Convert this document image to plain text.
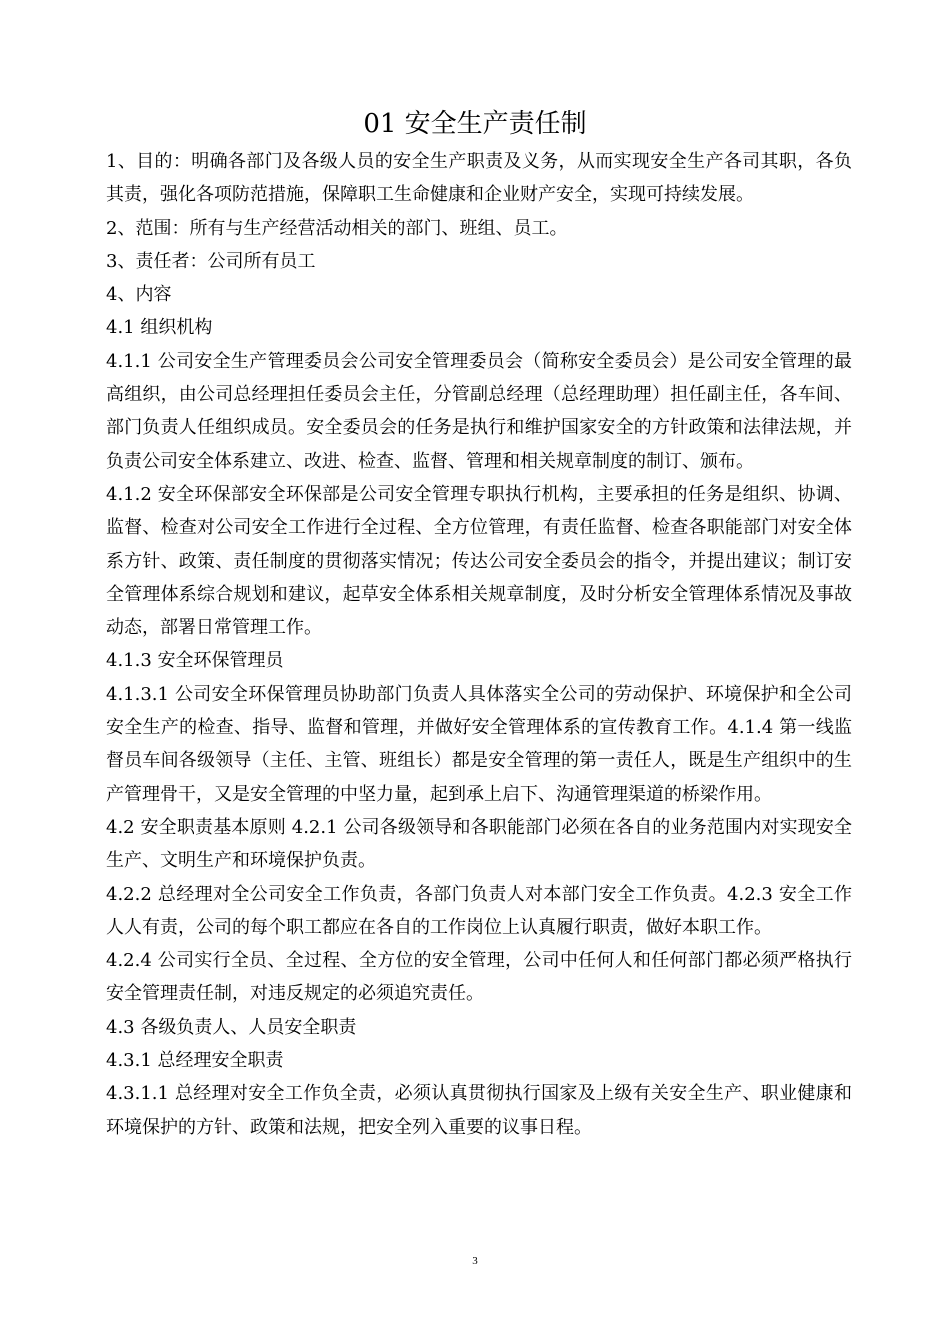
01 安全生产责任制

1、目的：明确各部门及各级人员的安全生产职责及义务，从而实现安全生产各司其职，各负其责，强化各项防范措施，保障职工生命健康和企业财产安全，实现可持续发展。

2、范围：所有与生产经营活动相关的部门、班组、员工。

3、责任者：公司所有员工

4、内容

4.1 组织机构

4.1.1 公司安全生产管理委员会公司安全管理委员会（简称安全委员会）是公司安全管理的最高组织，由公司总经理担任委员会主任，分管副总经理（总经理助理）担任副主任，各车间、部门负责人任组织成员。安全委员会的任务是执行和维护国家安全的方针政策和法律法规，并负责公司安全体系建立、改进、检查、监督、管理和相关规章制度的制订、颁布。

4.1.2 安全环保部安全环保部是公司安全管理专职执行机构，主要承担的任务是组织、协调、监督、检查对公司安全工作进行全过程、全方位管理，有责任监督、检查各职能部门对安全体系方针、政策、责任制度的贯彻落实情况；传达公司安全委员会的指令，并提出建议；制订安全管理体系综合规划和建议，起草安全体系相关规章制度，及时分析安全管理体系情况及事故动态，部署日常管理工作。

4.1.3 安全环保管理员

4.1.3.1 公司安全环保管理员协助部门负责人具体落实全公司的劳动保护、环境保护和全公司安全生产的检查、指导、监督和管理，并做好安全管理体系的宣传教育工作。4.1.4 第一线监督员车间各级领导（主任、主管、班组长）都是安全管理的第一责任人，既是生产组织中的生产管理骨干，又是安全管理的中坚力量，起到承上启下、沟通管理渠道的桥梁作用。

4.2 安全职责基本原则 4.2.1 公司各级领导和各职能部门必须在各自的业务范围内对实现安全生产、文明生产和环境保护负责。

4.2.2 总经理对全公司安全工作负责，各部门负责人对本部门安全工作负责。4.2.3 安全工作人人有责，公司的每个职工都应在各自的工作岗位上认真履行职责，做好本职工作。

4.2.4 公司实行全员、全过程、全方位的安全管理，公司中任何人和任何部门都必须严格执行安全管理责任制，对违反规定的必须追究责任。

4.3 各级负责人、人员安全职责

4.3.1 总经理安全职责

4.3.1.1 总经理对安全工作负全责，必须认真贯彻执行国家及上级有关安全生产、职业健康和环境保护的方针、政策和法规，把安全列入重要的议事日程。

3
